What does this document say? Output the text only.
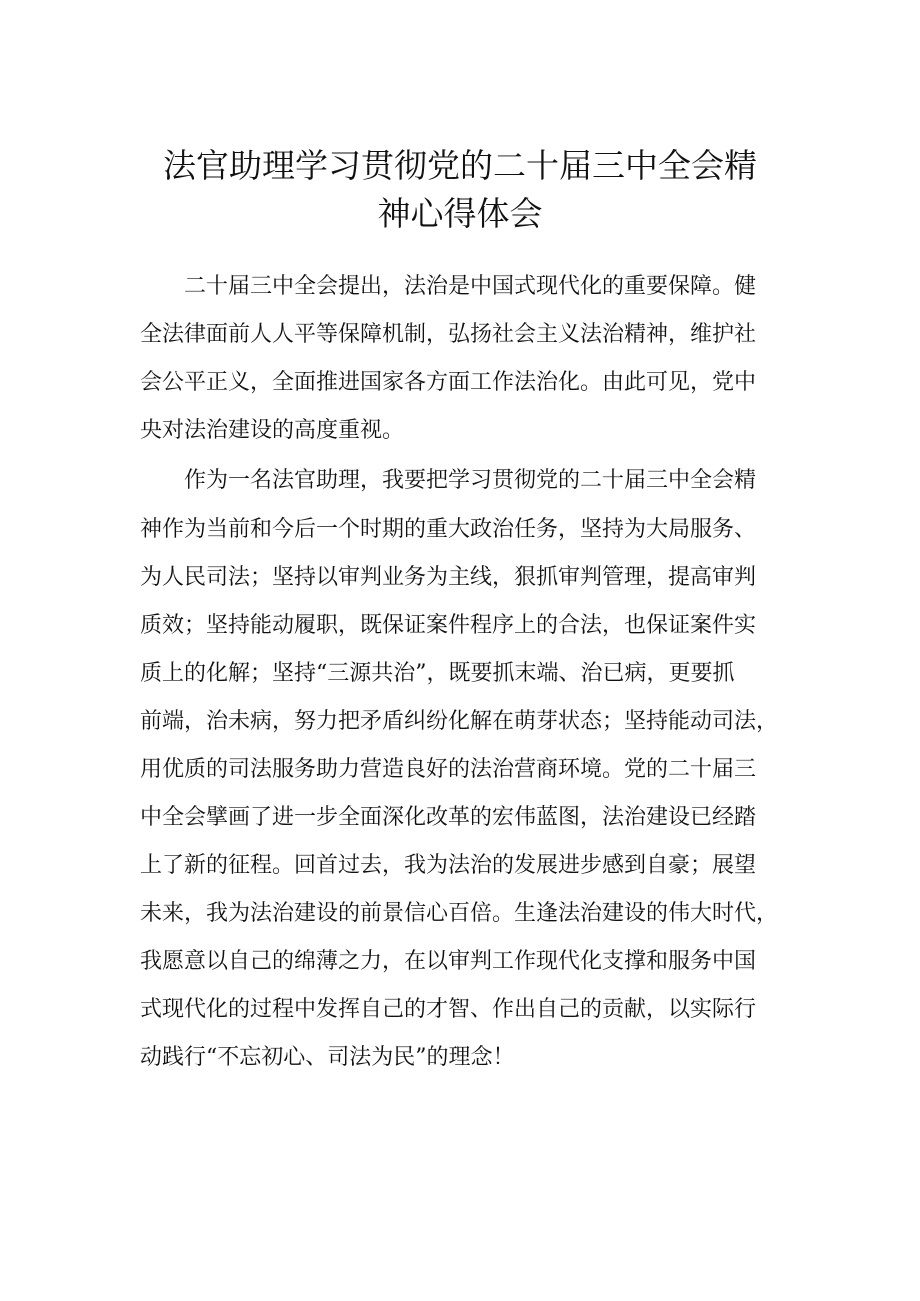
法官助理学习贯彻党的二十届三中全会精
神心得体会
二十届三中全会提出，法治是中国式现代化的重要保障。健
全法律面前人人平等保障机制，弘扬社会主义法治精神，维护社
会公平正义，全面推进国家各方面工作法治化。由此可见，党中
央对法治建设的高度重视。
作为一名法官助理，我要把学习贯彻党的二十届三中全会精
神作为当前和今后一个时期的重大政治任务，坚持为大局服务、
为人民司法；坚持以审判业务为主线，狠抓审判管理，提高审判
质效；坚持能动履职，既保证案件程序上的合法，也保证案件实
质上的化解；坚持“三源共治”，既要抓末端、治已病，更要抓
前端，治未病，努力把矛盾纠纷化解在萌芽状态；坚持能动司法，
用优质的司法服务助力营造良好的法治营商环境。党的二十届三
中全会擘画了进一步全面深化改革的宏伟蓝图，法治建设已经踏
上了新的征程。回首过去，我为法治的发展进步感到自豪；展望
未来，我为法治建设的前景信心百倍。生逢法治建设的伟大时代，
我愿意以自己的绵薄之力，在以审判工作现代化支撑和服务中国
式现代化的过程中发挥自己的才智、作出自己的贡献，以实际行
动践行“不忘初心、司法为民”的理念！
